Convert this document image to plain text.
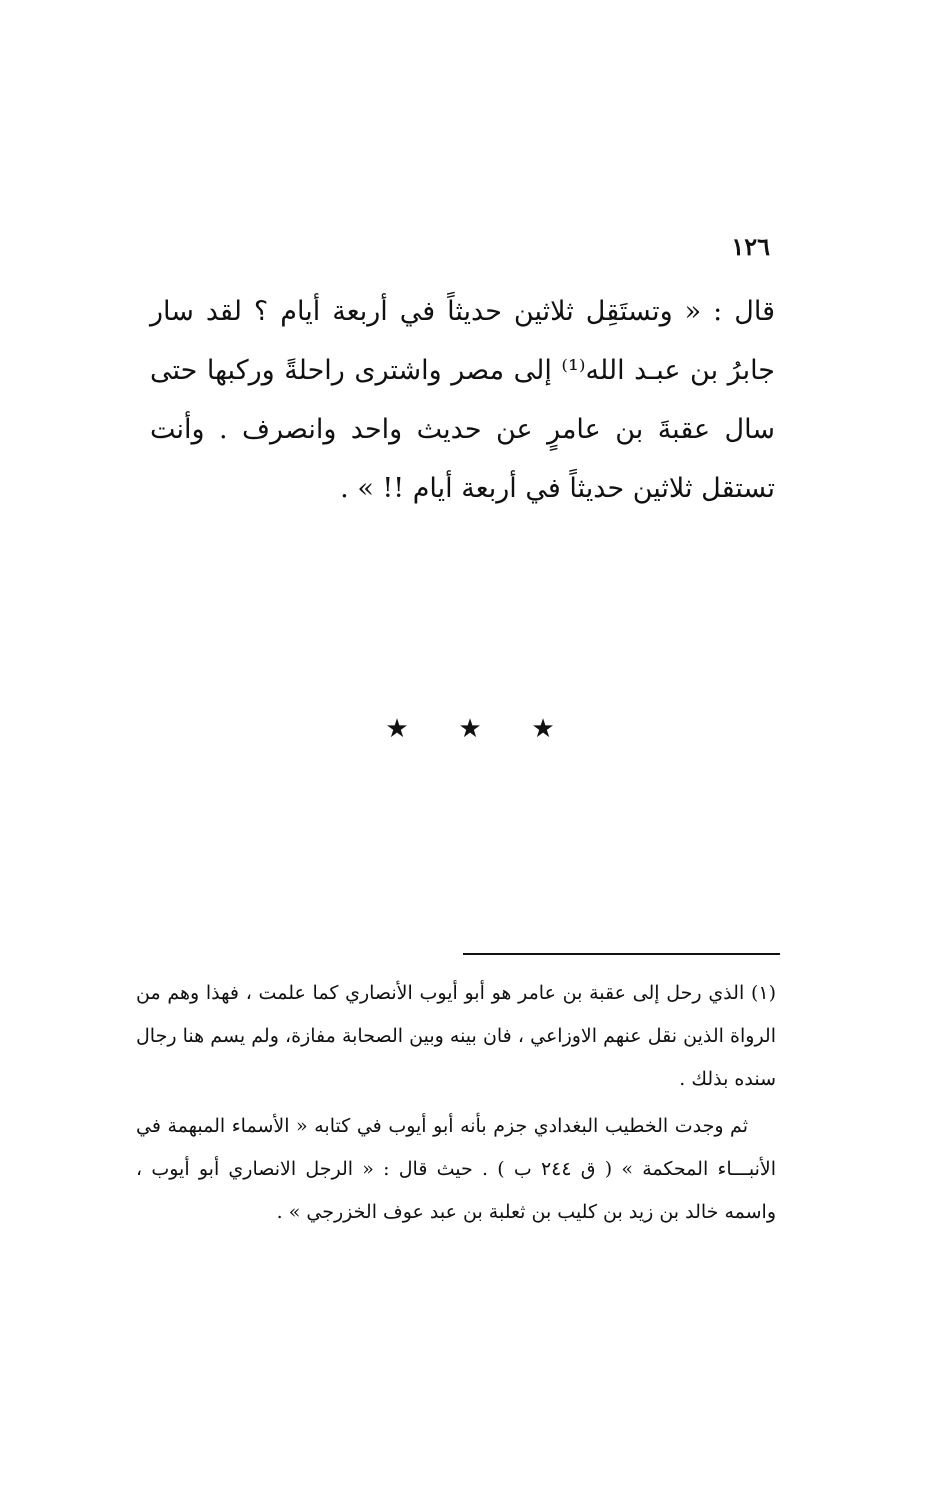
١٢٦

قال : « وتستَقِل ثلاثين حديثاً في أربعة أيام ؟ لقد سار جابرُ بن عبـد الله⁽¹⁾ إلى مصر واشترى راحلةً وركبها حتى سال عقبةَ بن عامرٍ عن حديث واحد وانصرف . وأنت تستقل ثلاثين حديثاً في أربعة أيام !! » .

★ ★ ★

(١) الذي رحل إلى عقبة بن عامر هو أبو أيوب الأنصاري كما علمت ، فهذا وهم من الرواة الذين نقل عنهم الاوزاعي ، فان بينه وبين الصحابة مفازة، ولم يسم هنا رجال سنده بذلك .

ثم وجدت الخطيب البغدادي جزم بأنه أبو أيوب في كتابه « الأسماء المبهمة في الأنبـــاء المحكمة » ( ق ٢٤٤ ب ) . حيث قال : « الرجل الانصاري أبو أيوب ، واسمه خالد بن زيد بن كليب بن ثعلبة بن عبد عوف الخزرجي » .
